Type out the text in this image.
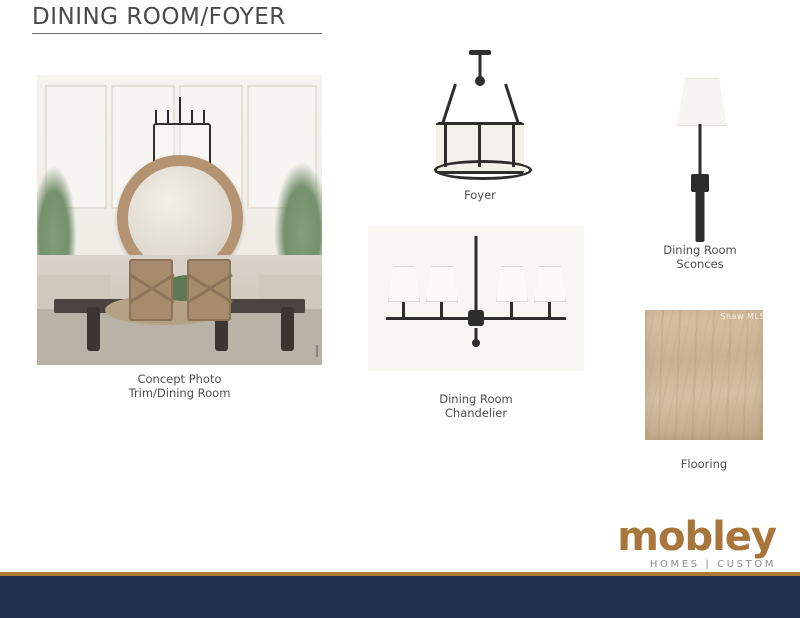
DINING ROOM/FOYER
Concept Photo
Trim/Dining Room
Foyer
Dining Room
Sconces
Dining Room
Chandelier
Shaw MLS
Flooring
mobley
HOMES | CUSTOM
